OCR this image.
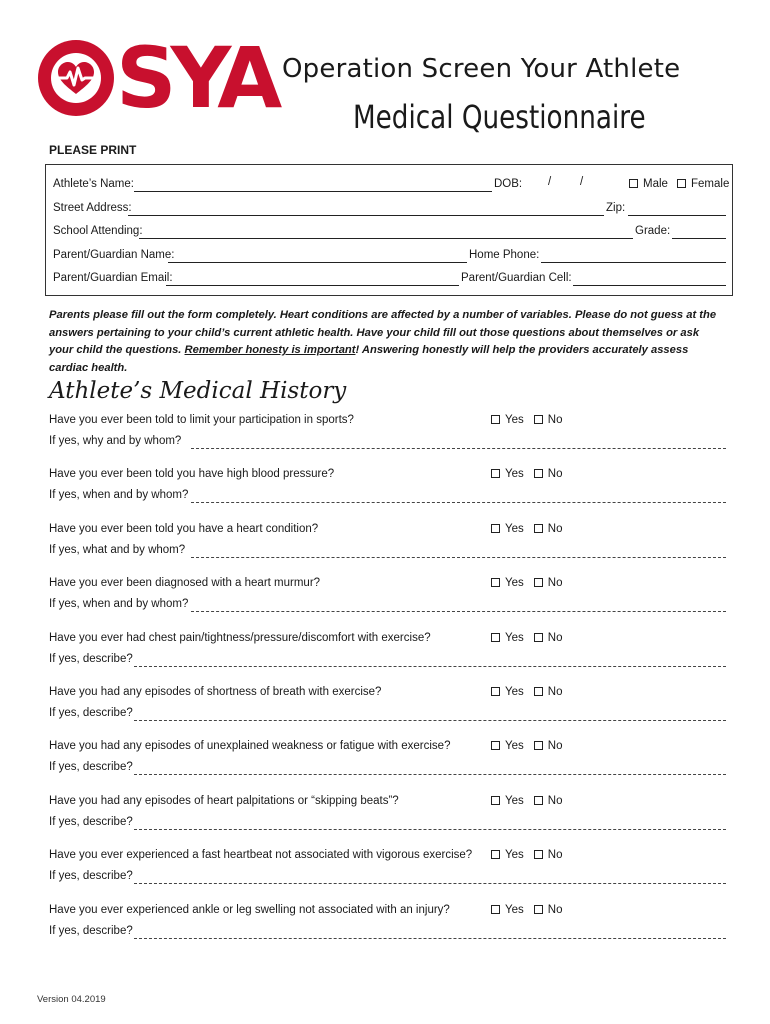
SYA Operation Screen Your Athlete
Medical Questionnaire
PLEASE PRINT
Athlete’s Name:	DOB: /	/	Male	Female
Street Address:	Zip:
School Attending:	Grade:
Parent/Guardian Name:	Home Phone:
Parent/Guardian Email:	Parent/Guardian Cell:
Parents please fill out the form completely. Heart conditions are affected by a number of variables. Please do not guess at the answers pertaining to your child’s current athletic health. Have your child fill out those questions about themselves or ask your child the questions. Remember honesty is important! Answering honestly will help the providers accurately assess cardiac health.
Athlete’s Medical History
Have you ever been told to limit your participation in sports?	Yes No
If yes, why and by whom?
Have you ever been told you have high blood pressure?	Yes No
If yes, when and by whom?
Have you ever been told you have a heart condition?	Yes No
If yes, what and by whom?
Have you ever been diagnosed with a heart murmur?	Yes No
If yes, when and by whom?
Have you ever had chest pain/tightness/pressure/discomfort with exercise?	Yes No
If yes, describe?
Have you had any episodes of shortness of breath with exercise?	Yes No
If yes, describe?
Have you had any episodes of unexplained weakness or fatigue with exercise?	Yes No
If yes, describe?
Have you had any episodes of heart palpitations or “skipping beats”?	Yes No
If yes, describe?
Have you ever experienced a fast heartbeat not associated with vigorous exercise?	Yes No
If yes, describe?
Have you ever experienced ankle or leg swelling not associated with an injury?	Yes No
If yes, describe?
Version 04.2019
